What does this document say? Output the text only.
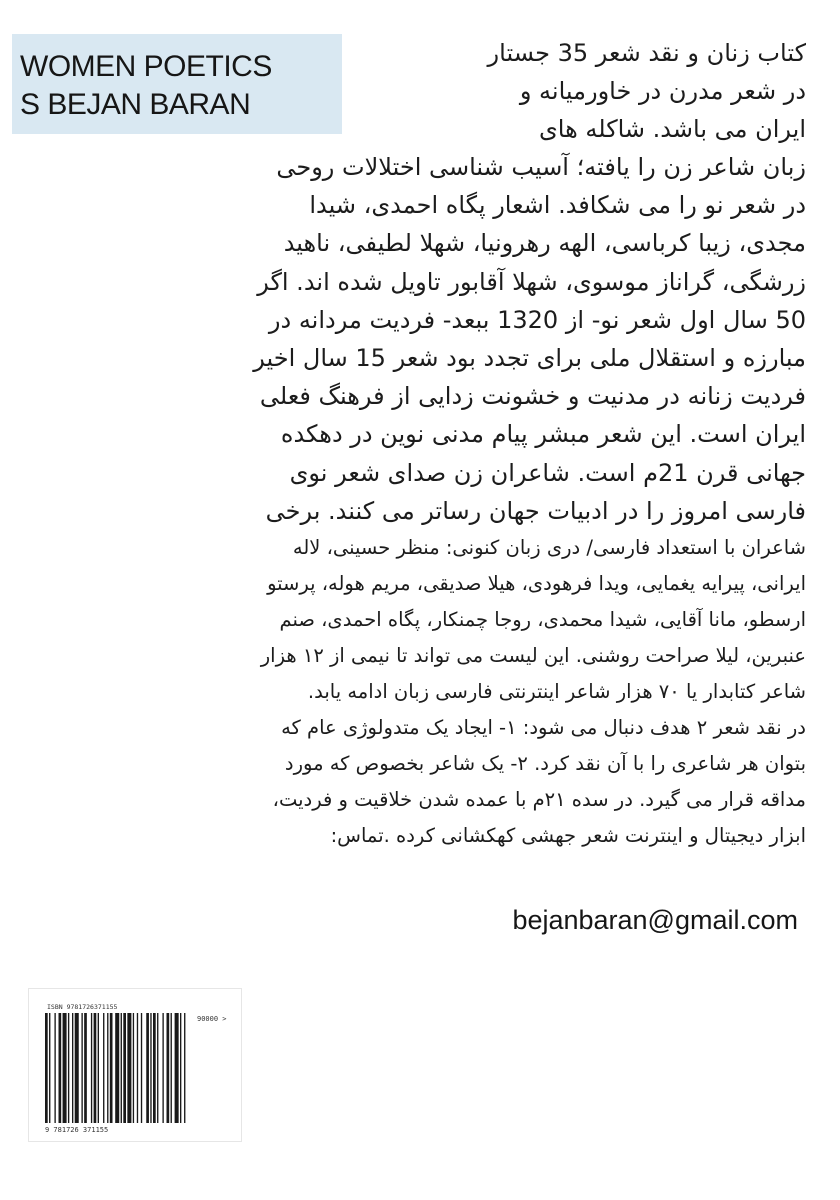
WOMEN POETICS
S BEJAN BARAN
کتاب زنان و نقد شعر 35 جستار
در شعر مدرن در خاورمیانه و
ایران می باشد. شاکله های
زبان شاعر زن را یافته؛ آسیب شناسی اختلالات روحی
در شعر نو را می شکافد. اشعار پگاه احمدی، شیدا
مجدی، زیبا کرباسی، الهه رهرونیا، شهلا لطیفی، ناهید
زرشگی، گراناز موسوی، شهلا آقابور تاویل شده اند. اگر
50 سال اول شعر نو- از 1320 ببعد- فردیت مردانه در
مبارزه و استقلال ملی برای تجدد بود شعر 15 سال اخیر
فردیت زنانه در مدنیت و خشونت زدایی از فرهنگ فعلی
ایران است. این شعر مبشر پیام مدنی نوین در دهکده
جهانی قرن 21م است. شاعران زن صدای شعر نوی
فارسی امروز را در ادبیات جهان رساتر می کنند. برخی
شاعران با استعداد فارسی/ دری زبان کنونی: منظر حسینی، لاله
ایرانی، پیرایه یغمایی، ویدا فرهودی، هیلا صدیقی، مریم هوله، پرستو
ارسطو، مانا آقایی، شیدا محمدی، روجا چمنکار، پگاه احمدی، صنم
عنبرین، لیلا صراحت روشنی. این لیست می تواند تا نیمی از ۱۲ هزار
شاعر کتابدار یا ۷۰ هزار شاعر اینترنتی فارسی زبان ادامه یابد.
در نقد شعر ۲ هدف دنبال می شود: ۱- ایجاد یک متدولوژی عام که
بتوان هر شاعری را با آن نقد کرد. ۲- یک شاعر بخصوص که مورد
مداقه قرار می گیرد. در سده ۲۱م با عمده شدن خلاقیت و فردیت،
ابزار دیجیتال و اینترنت شعر جهشی کهکشانی کرده .تماس:
bejanbaran@gmail.com
ISBN 9781726371155
90000 >
9 781726 371155
